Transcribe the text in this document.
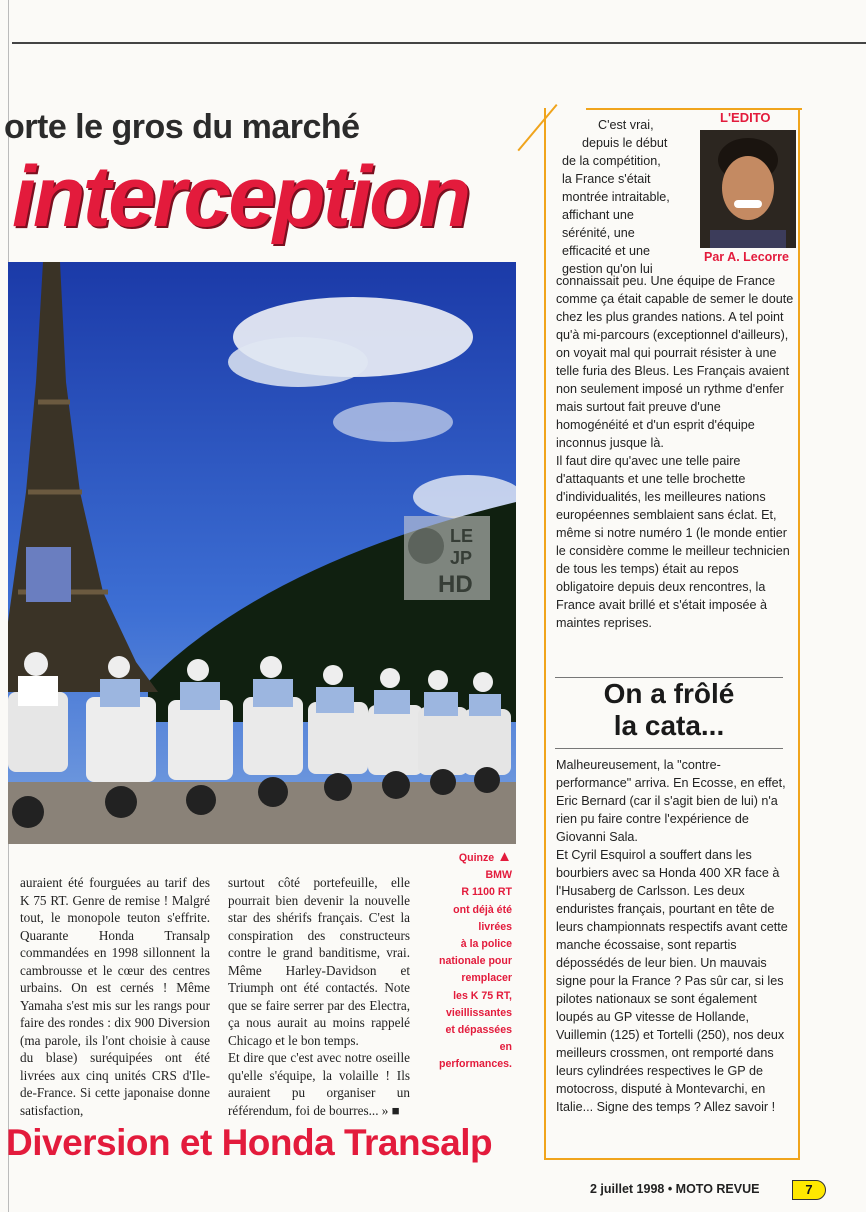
orte le gros du marché
interception
LE
JP
HD
Quinze ▲
BMW
R 1100 RT
ont déjà été
livrées
à la police
nationale pour
remplacer
les K 75 RT,
vieillissantes
et dépassées
en
performances.

auraient été fourguées au tarif des K 75 RT. Genre de remise ! Malgré tout, le monopole teuton s'effrite. Quarante Honda Transalp commandées en 1998 sillonnent la cambrousse et le cœur des centres urbains. On est cernés ! Même Yamaha s'est mis sur les rangs pour faire des rondes : dix 900 Diversion (ma parole, ils l'ont choisie à cause du blase) suréquipées ont été livrées aux cinq unités CRS d'Ile-de-France. Si cette japonaise donne satisfaction,

surtout côté portefeuille, elle pourrait bien devenir la nouvelle star des shérifs français. C'est la conspiration des constructeurs contre le grand banditisme, vrai. Même Harley-Davidson et Triumph ont été contactés. Note que se faire serrer par des Electra, ça nous aurait au moins rappelé Chicago et le bon temps.

Et dire que c'est avec notre oseille qu'elle s'équipe, la volaille ! Ils auraient pu organiser un référendum, foi de bourres... » ■

Diversion et Honda Transalp
L'EDITO
Par A. Lecorre
C'est vrai,
depuis le début
de la compétition,
la France s'était
montrée intraitable,
affichant une
sérénité, une
efficacité et une
gestion qu'on lui

connaissait peu. Une équipe de France comme ça était capable de semer le doute chez les plus grandes nations. A tel point qu'à mi-parcours (exceptionnel d'ailleurs), on voyait mal qui pourrait résister à une telle furia des Bleus. Les Français avaient non seulement imposé un rythme d'enfer mais surtout fait preuve d'une homogénéité et d'un esprit d'équipe inconnus jusque là.

Il faut dire qu'avec une telle paire d'attaquants et une telle brochette d'individualités, les meilleures nations européennes semblaient sans éclat. Et, même si notre numéro 1 (le monde entier le considère comme le meilleur technicien de tous les temps) était au repos obligatoire depuis deux rencontres, la France avait brillé et s'était imposée à maintes reprises.

On a frôlé
la cata...

Malheureusement, la "contre-performance" arriva. En Ecosse, en effet, Eric Bernard (car il s'agit bien de lui) n'a rien pu faire contre l'expérience de Giovanni Sala.

Et Cyril Esquirol a souffert dans les bourbiers avec sa Honda 400 XR face à l'Husaberg de Carlsson. Les deux enduristes français, pourtant en tête de leurs championnats respectifs avant cette manche écossaise, sont repartis dépossédés de leur bien. Un mauvais signe pour la France ? Pas sûr car, si les pilotes nationaux se sont également loupés au GP vitesse de Hollande, Vuillemin (125) et Tortelli (250), nos deux meilleurs crossmen, ont remporté dans leurs cylindrées respectives le GP de motocross, disputé à Montevarchi, en Italie... Signe des temps ? Allez savoir !

2 juillet 1998 • MOTO REVUE	7
